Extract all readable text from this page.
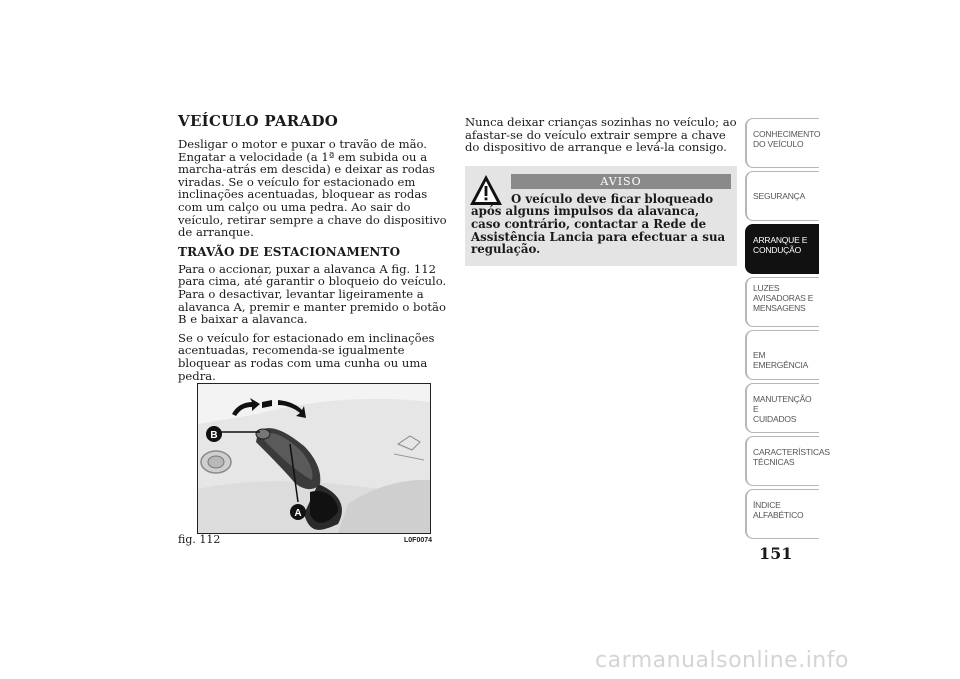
VEÍCULO PARADO

Desligar o motor e puxar o travão de mão. Engatar a velocidade (a 1ª em subida ou a marcha-atrás em descida) e deixar as rodas viradas. Se o veículo for estacionado em inclinações acentuadas, bloquear as rodas com um calço ou uma pedra. Ao sair do veículo, retirar sempre a chave do dispositivo de arranque.

TRAVÃO DE ESTACIONAMENTO

Para o accionar, puxar a alavanca A fig. 112 para cima, até garantir o bloqueio do veículo. Para o desactivar, levantar ligeiramente a alavanca A, premir e manter premido o botão B e baixar a alavanca.

Se o veículo for estacionado em inclinações acentuadas, recomenda-se igualmente bloquear as rodas com uma cunha ou uma pedra.

Nunca deixar crianças sozinhas no veículo; ao afastar-se do veículo extrair sempre a chave do dispositivo de arranque e levá-la consigo.

AVISO

O veículo deve ficar bloqueado após alguns impulsos da alavanca, caso contrário, contactar a Rede de Assistência Lancia para efectuar a sua regulação.

B
A
fig. 112	L0F0074
CONHECIMENTO
DO VEÍCULO
SEGURANÇA
ARRANQUE E
CONDUÇÃO
LUZES
AVISADORAS E
MENSAGENS
EM EMERGÊNCIA
MANUTENÇÃO E
CUIDADOS
CARACTERÍSTICAS
TÉCNICAS
ÍNDICE
ALFABÉTICO
151
carmanualsonline.info
